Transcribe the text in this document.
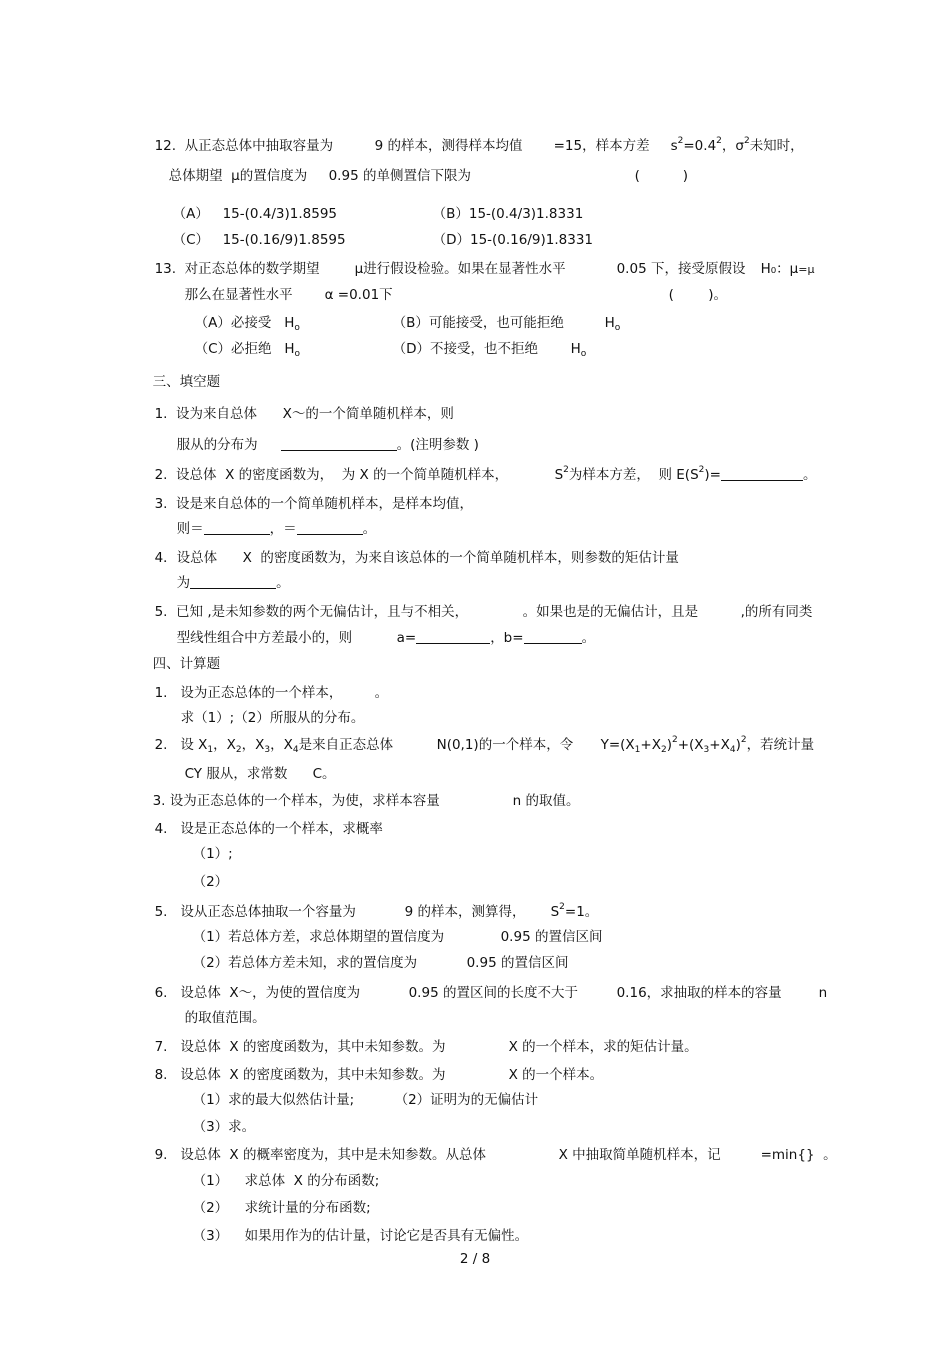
12.  从正态总体中抽取容量为	9 的样本，测得样本均值	=15，样本方差	$s^2=0.4^2$，$\sigma^2$未知时，

总体期望  μ的置信度为	0.95 的单侧置信下限为	(          )

（A）	15-(0.4/3)1.8595	（B）15-(0.4/3)1.8331

（C）	15-(0.16/9)1.8595	（D）15-(0.16/9)1.8331

13.  对正态总体的数学期望	μ进行假设检验。如果在显著性水平	0.05 下，接受原假设	H₀：μ=μ

那么在显著性水平	α =0.01下	(        )。

（A）必接受   $H_o$	（B）可能接受，也可能拒绝	$H_o$

（C）必拒绝   $H_o$	（D）不接受，也不拒绝	$H_o$

三、填空题

1.  设为来自总体	X～的一个简单随机样本，则

服从的分布为	。(注明参数 )

2.  设总体  X 的密度函数为，  为 X 的一个简单随机样本，	$S^2$为样本方差，  则 $E(S^2)=$	。

3.  设是来自总体的一个简单随机样本，是样本均值，

则＝	，＝	。

4．设总体	X  的密度函数为，为来自该总体的一个简单随机样本，则参数的矩估计量

为	。

5.  已知 ,是未知参数的两个无偏估计，且与不相关，	。如果也是的无偏估计，且是	,的所有同类

型线性组合中方差最小的，则	a=	，b=	。

四、计算题

1.   设为正态总体的一个样本，	。

求（1）;（2）所服从的分布。

2.   设 $X_1$，$X_2$，$X_3$，$X_4$是来自正态总体	N(0,1)的一个样本，令	$Y=(X_1+X_2)^2+(X_3+X_4)^2$，若统计量

CY 服从，求常数	C。

3. 设为正态总体的一个样本，为使，求样本容量	n 的取值。

4.   设是正态总体的一个样本，求概率

（1）;

（2）

5.   设从正态总体抽取一个容量为	9 的样本，测算得，	$S^2=1$。

（1）若总体方差，求总体期望的置信度为	0.95 的置信区间

（2）若总体方差未知，求的置信度为	0.95 的置信区间

6.   设总体  X～，为使的置信度为	0.95 的置区间的长度不大于	0.16，求抽取的样本的容量	n

的取值范围。

7.   设总体  X 的密度函数为，其中未知参数。为	X 的一个样本，求的矩估计量。

8.   设总体  X 的密度函数为，其中未知参数。为	X 的一个样本。

（1）求的最大似然估计量;	（2）证明为的无偏估计

（3）求。

9.   设总体  X 的概率密度为，其中是未知参数。从总体	X 中抽取简单随机样本，记	=min{}  。

（1）	求总体  X 的分布函数;

（2）	求统计量的分布函数;

（3）	如果用作为的估计量，讨论它是否具有无偏性。

2 / 8
